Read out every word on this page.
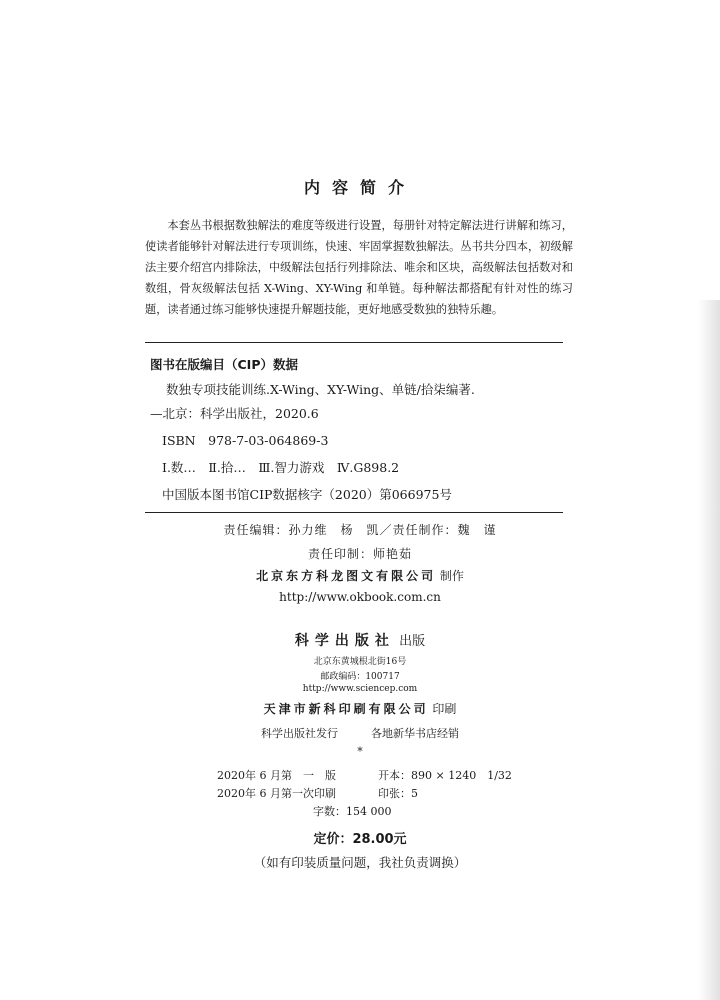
内容简介

本套丛书根据数独解法的难度等级进行设置，每册针对特定解法进行讲解和练习，使读者能够针对解法进行专项训练，快速、牢固掌握数独解法。丛书共分四本，初级解法主要介绍宫内排除法，中级解法包括行列排除法、唯余和区块，高级解法包括数对和数组，骨灰级解法包括 X-Wing、XY-Wing 和单链。每种解法都搭配有针对性的练习题，读者通过练习能够快速提升解题技能，更好地感受数独的独特乐趣。

图书在版编目（CIP）数据
数独专项技能训练.X-Wing、XY-Wing、单链/拾柒编著.
—北京：科学出版社，2020.6
ISBN　978-7-03-064869-3
Ⅰ.数…　Ⅱ.拾…　Ⅲ.智力游戏　Ⅳ.G898.2
中国版本图书馆CIP数据核字（2020）第066975号
责任编辑：孙力维　杨　凯／责任制作：魏　谨
责任印制：师艳茹
北京东方科龙图文有限公司 制作
http://www.okbook.com.cn
科学出版社 出版
北京东黄城根北街16号
邮政编码：100717
http://www.sciencep.com
天津市新科印刷有限公司 印刷
科学出版社发行　　　各地新华书店经销
*
2020年 6 月第　一　版	开本：890 × 1240　1/32
2020年 6 月第一次印刷	印张：5
字数：154 000
定价：28.00元
（如有印装质量问题，我社负责调换）
